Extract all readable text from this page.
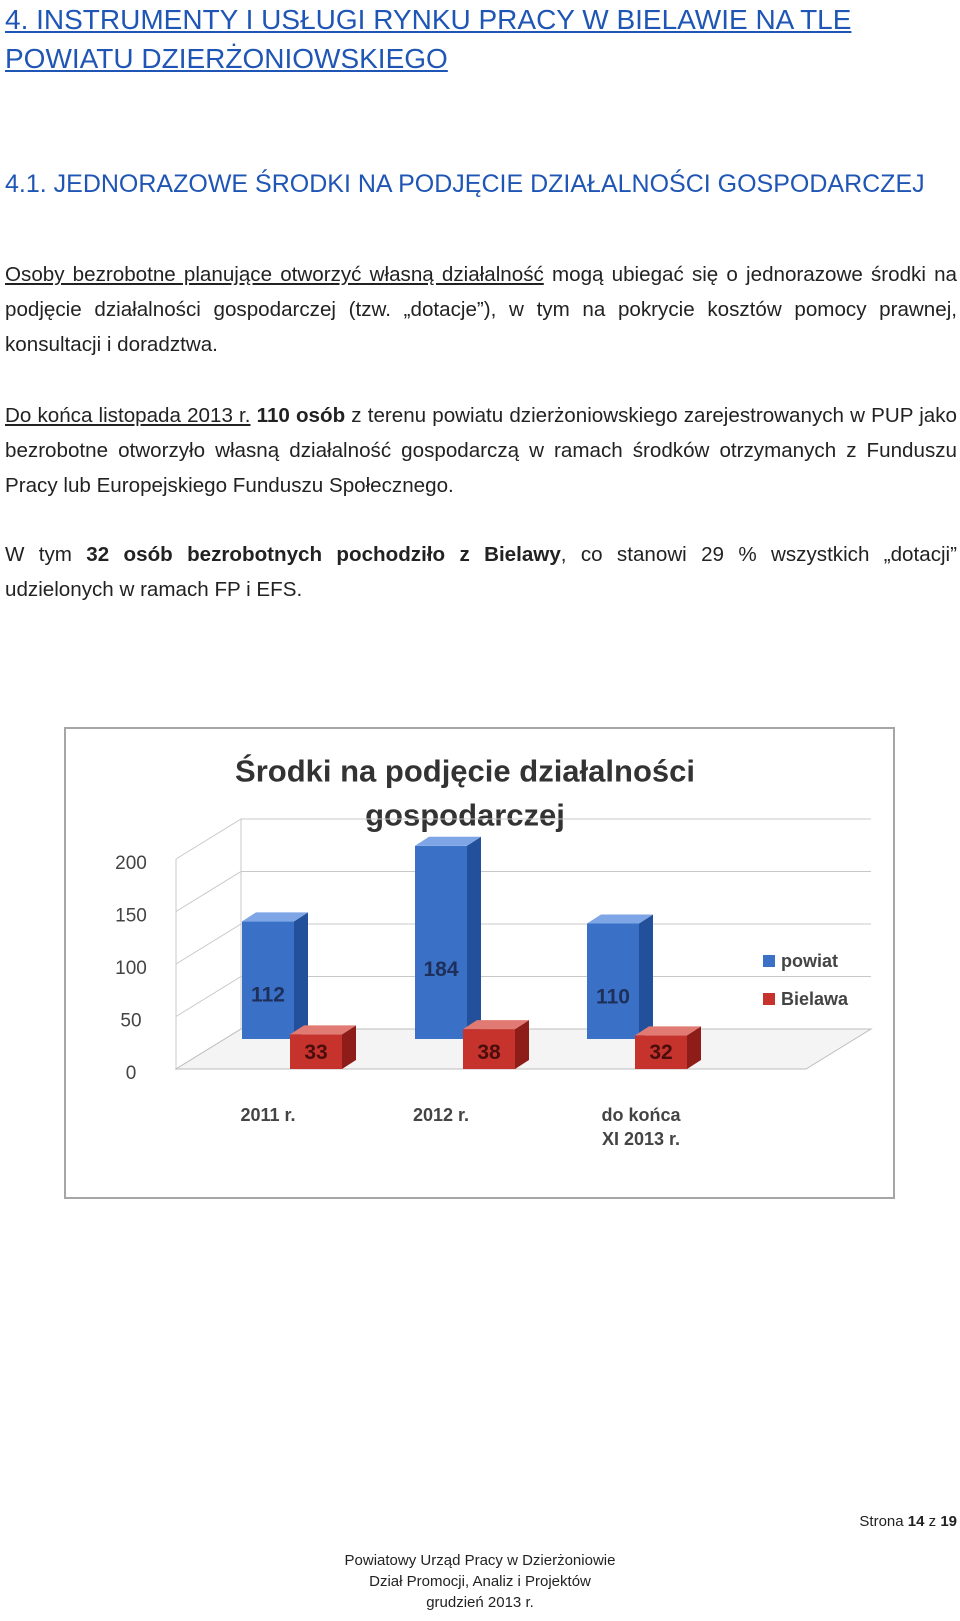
4. INSTRUMENTY I USŁUGI RYNKU PRACY W BIELAWIE NA TLE POWIATU DZIERŻONIOWSKIEGO
4.1. JEDNORAZOWE ŚRODKI NA PODJĘCIE DZIAŁALNOŚCI GOSPODARCZEJ

Osoby bezrobotne planujące otworzyć własną działalność mogą ubiegać się o jednorazowe środki na podjęcie działalności gospodarczej (tzw. „dotacje”), w tym na pokrycie kosztów pomocy prawnej, konsultacji i doradztwa.

Do końca listopada 2013 r. 110 osób z terenu powiatu dzierżoniowskiego zarejestrowanych w PUP jako bezrobotne otworzyło własną działalność gospodarczą w ramach środków otrzymanych z Funduszu Pracy lub Europejskiego Funduszu Społecznego.

W tym 32 osób bezrobotnych pochodziło z Bielawy, co stanowi 29 % wszystkich „dotacji” udzielonych w ramach FP i EFS.

Środki na podjęcie działalności
gospodarczej
0
50
100
150
200
112
184
110
33	38	32
2011 r.	2012 r.	do końca
XI 2013 r.
powiat
Bielawa
Strona 14 z 19
Powiatowy Urząd Pracy w Dzierżoniowie
Dział Promocji, Analiz i Projektów
grudzień 2013 r.
